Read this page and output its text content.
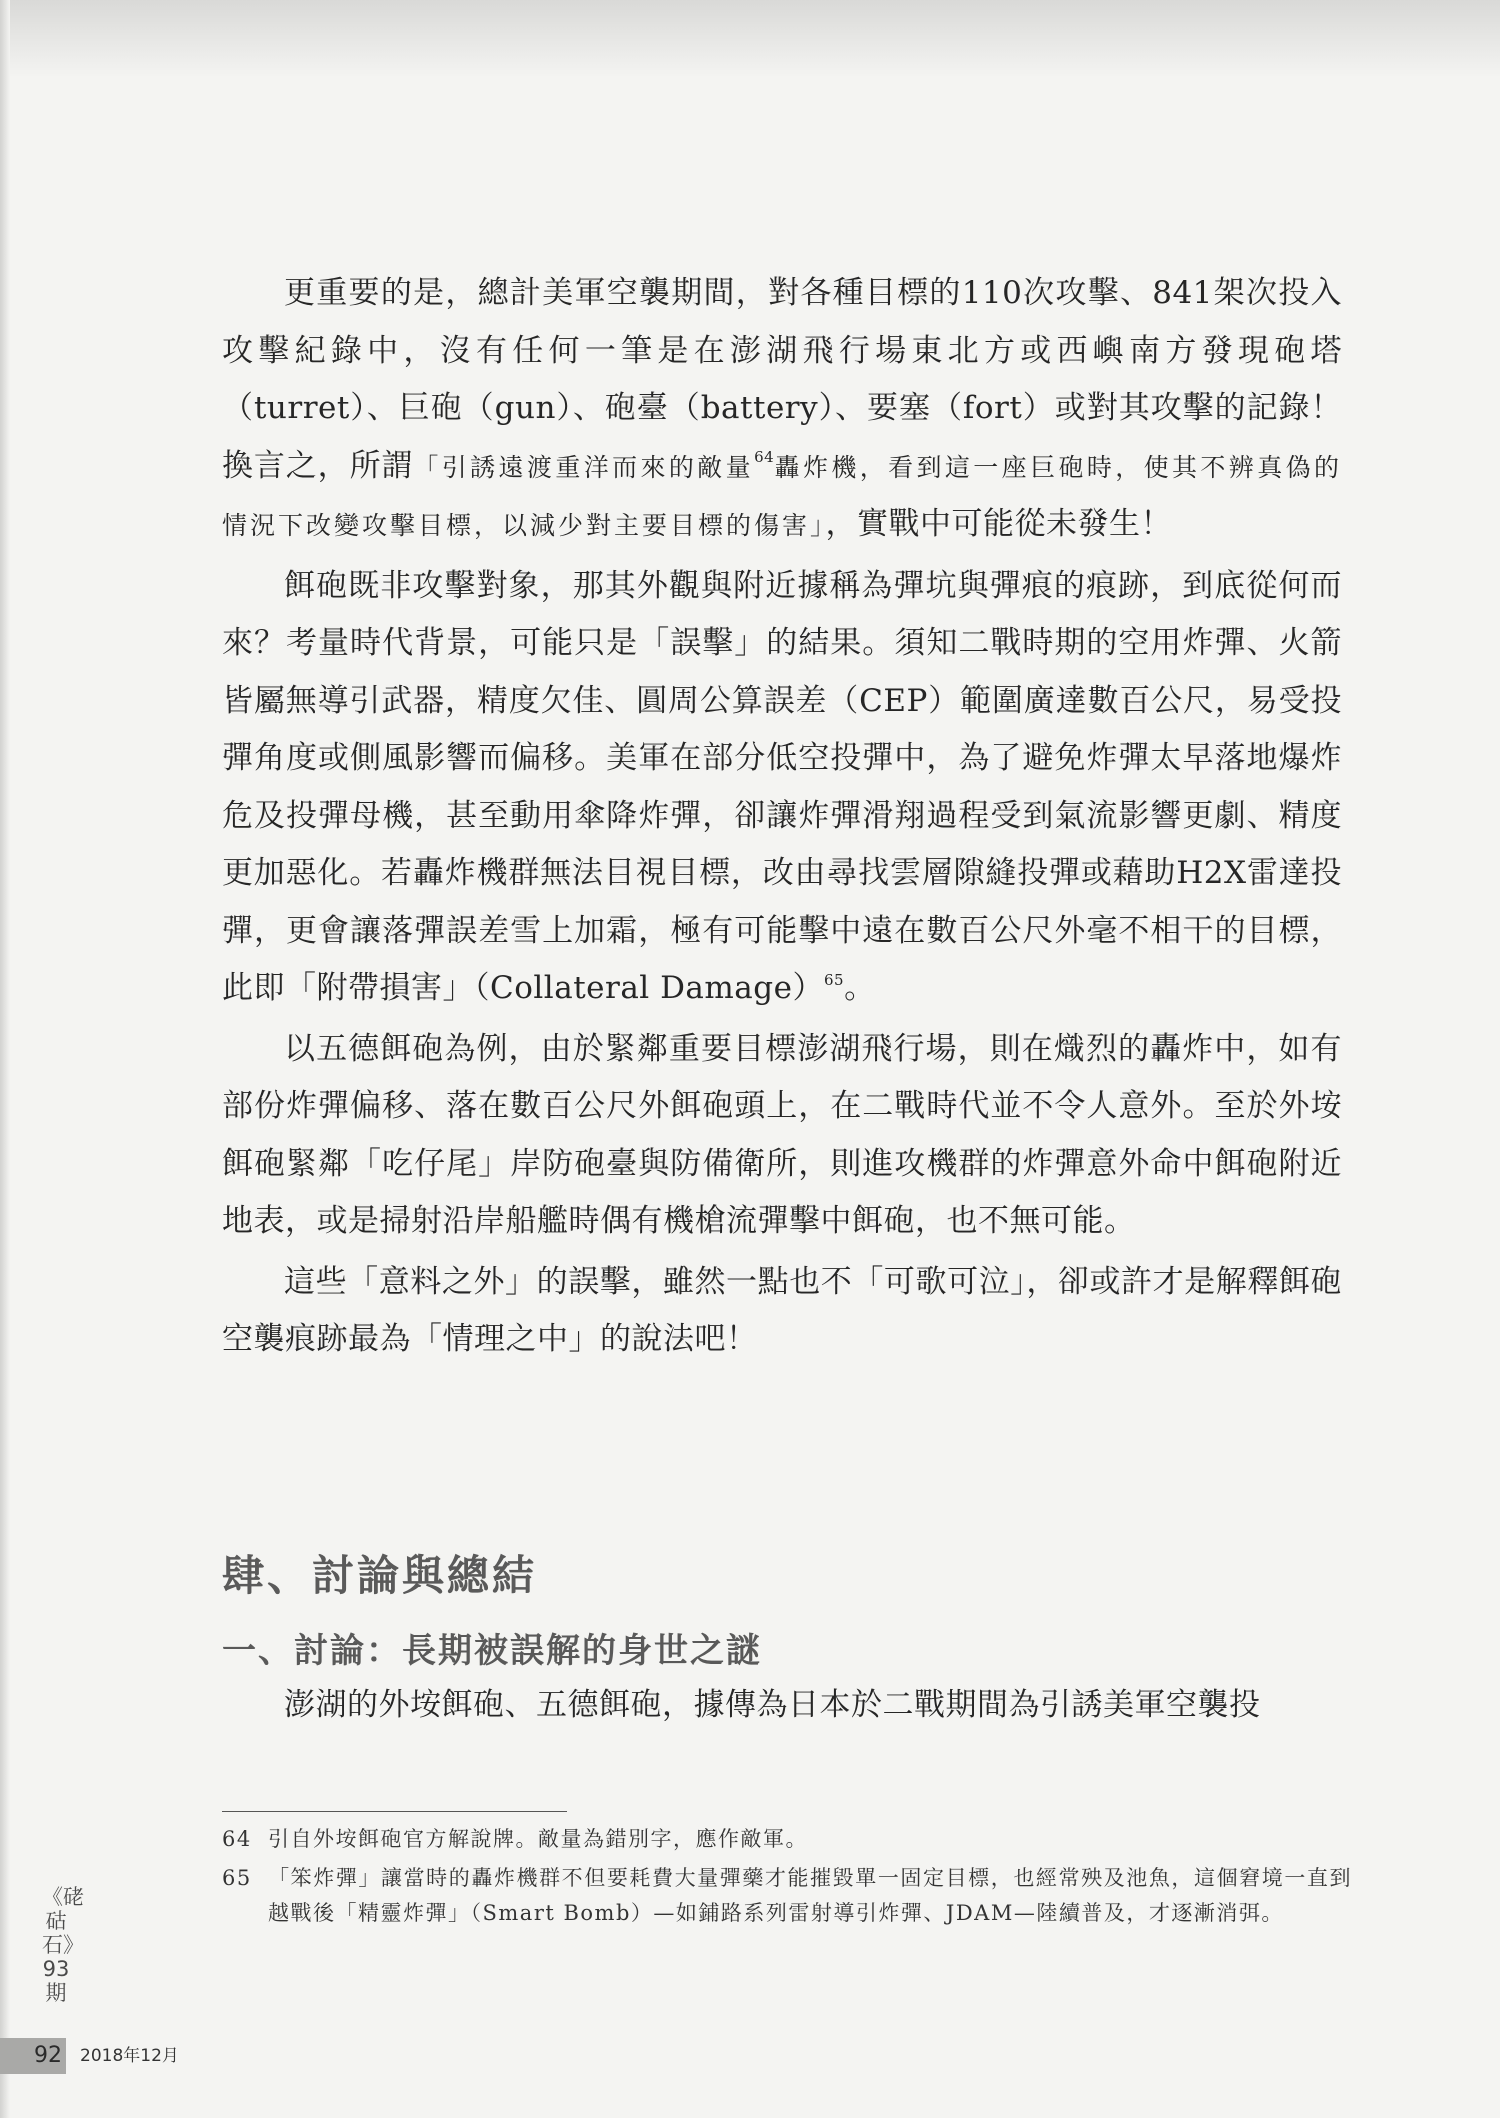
更重要的是，總計美軍空襲期間，對各種目標的110次攻擊、841架次投入攻擊紀錄中，沒有任何一筆是在澎湖飛行場東北方或西嶼南方發現砲塔（turret）、巨砲（gun）、砲臺（battery）、要塞（fort）或對其攻擊的記錄！換言之，所謂「引誘遠渡重洋而來的敵量$^{64}$轟炸機，看到這一座巨砲時，使其不辨真偽的情況下改變攻擊目標，以減少對主要目標的傷害」，實戰中可能從未發生！

餌砲既非攻擊對象，那其外觀與附近據稱為彈坑與彈痕的痕跡，到底從何而來？考量時代背景，可能只是「誤擊」的結果。須知二戰時期的空用炸彈、火箭皆屬無導引武器，精度欠佳、圓周公算誤差（CEP）範圍廣達數百公尺，易受投彈角度或側風影響而偏移。美軍在部分低空投彈中，為了避免炸彈太早落地爆炸危及投彈母機，甚至動用傘降炸彈，卻讓炸彈滑翔過程受到氣流影響更劇、精度更加惡化。若轟炸機群無法目視目標，改由尋找雲層隙縫投彈或藉助H2X雷達投彈，更會讓落彈誤差雪上加霜，極有可能擊中遠在數百公尺外毫不相干的目標，此即「附帶損害」（Collateral Damage）$^{65}$。

以五德餌砲為例，由於緊鄰重要目標澎湖飛行場，則在熾烈的轟炸中，如有部份炸彈偏移、落在數百公尺外餌砲頭上，在二戰時代並不令人意外。至於外垵餌砲緊鄰「吃仔尾」岸防砲臺與防備衛所，則進攻機群的炸彈意外命中餌砲附近地表，或是掃射沿岸船艦時偶有機槍流彈擊中餌砲，也不無可能。

這些「意料之外」的誤擊，雖然一點也不「可歌可泣」，卻或許才是解釋餌砲空襲痕跡最為「情理之中」的說法吧！

肆、討論與總結
一、討論：長期被誤解的身世之謎

澎湖的外垵餌砲、五德餌砲，據傳為日本於二戰期間為引誘美軍空襲投

64 引自外垵餌砲官方解說牌。敵量為錯別字，應作敵軍。

65 「笨炸彈」讓當時的轟炸機群不但要耗費大量彈藥才能摧毀單一固定目標，也經常殃及池魚，這個窘境一直到越戰後「精靈炸彈」（Smart Bomb）—如鋪路系列雷射導引炸彈、JDAM—陸續普及，才逐漸消弭。

《硓𥑮石》93期
92 2018年12月
